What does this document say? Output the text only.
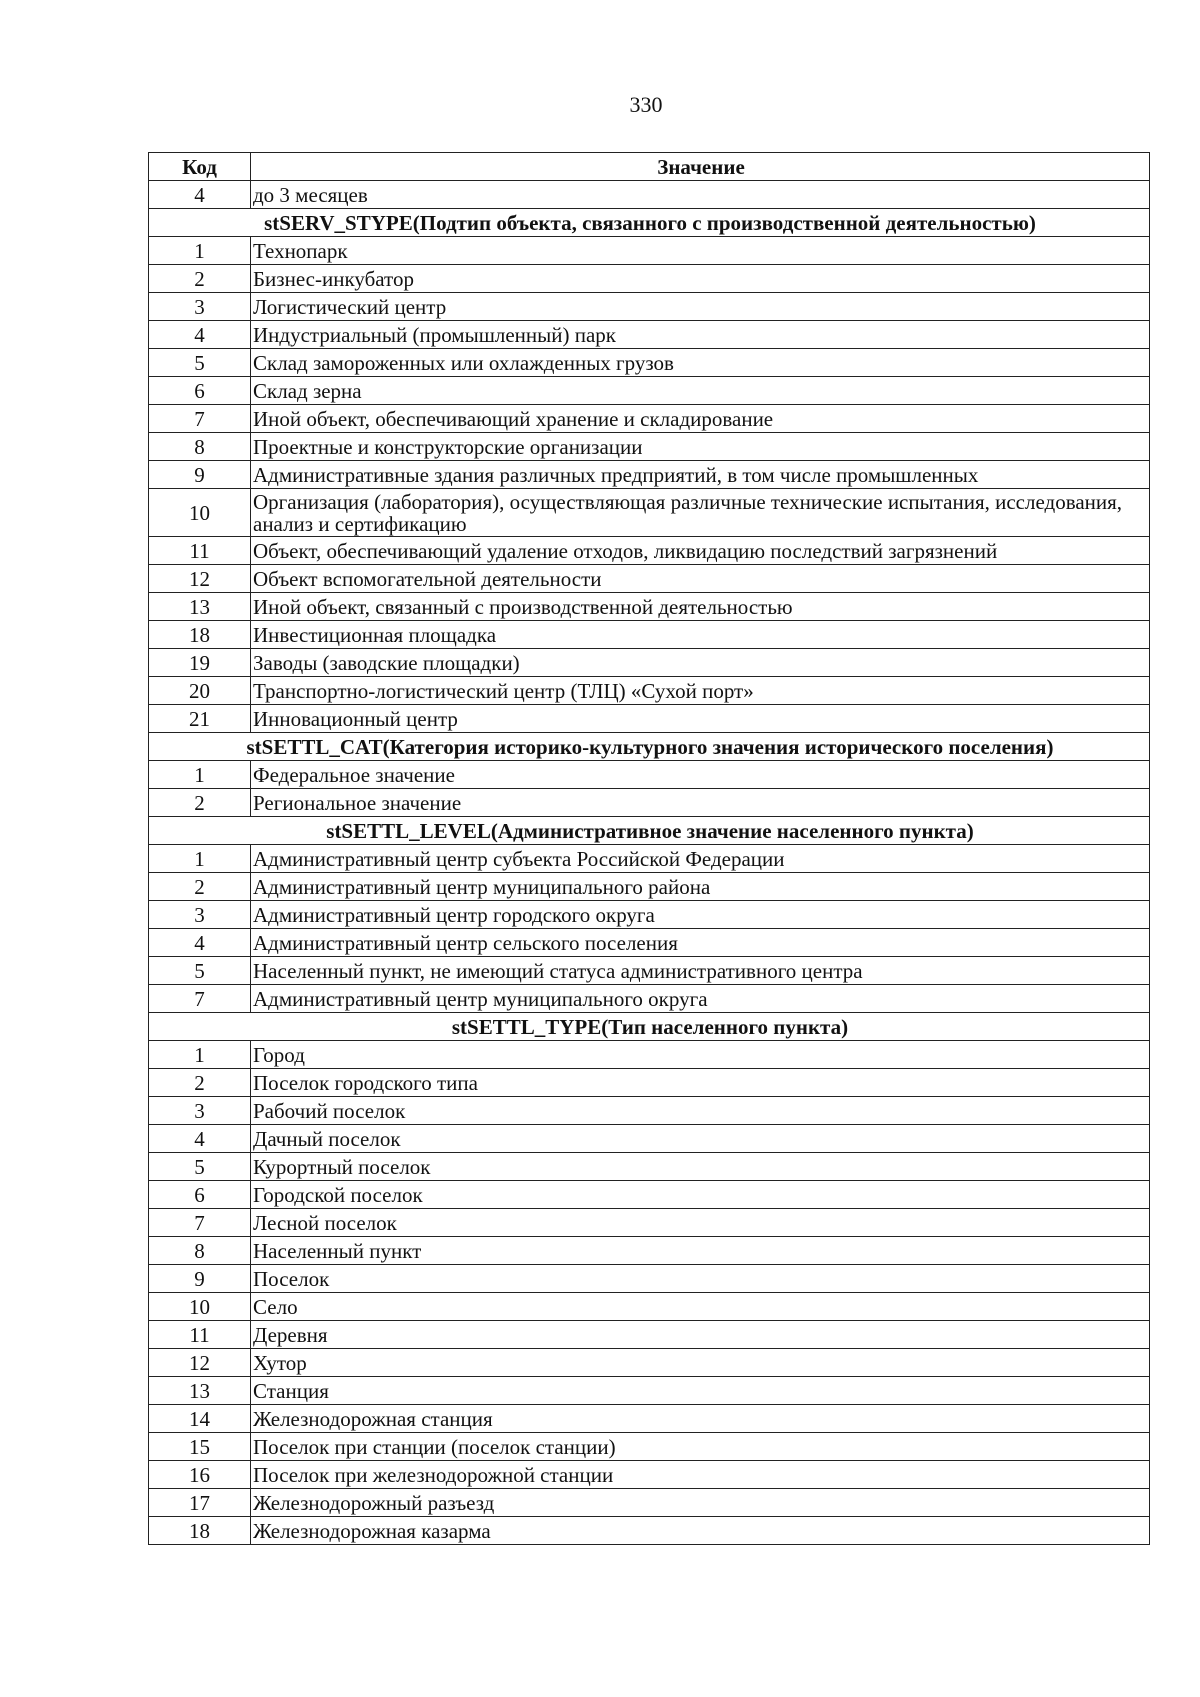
330
Код	Значение
4	до 3 месяцев
stSERV_STYPE(Подтип объекта, связанного с производственной деятельностью)	
1	Технопарк
2	Бизнес-инкубатор
3	Логистический центр
4	Индустриальный (промышленный) парк
5	Склад замороженных или охлажденных грузов
6	Склад зерна
7	Иной объект, обеспечивающий хранение и складирование
8	Проектные и конструкторские организации
9	Административные здания различных предприятий, в том числе промышленных
10	Организация (лаборатория), осуществляющая различные технические испытания, исследования, анализ и сертификацию
11	Объект, обеспечивающий удаление отходов, ликвидацию последствий загрязнений
12	Объект вспомогательной деятельности
13	Иной объект, связанный с производственной деятельностью
18	Инвестиционная площадка
19	Заводы (заводские площадки)
20	Транспортно-логистический центр (ТЛЦ) «Сухой порт»
21	Инновационный центр
stSETTL_CAT(Категория историко-культурного значения исторического поселения)	
1	Федеральное значение
2	Региональное значение
stSETTL_LEVEL(Административное значение населенного пункта)	
1	Административный центр субъекта Российской Федерации
2	Административный центр муниципального района
3	Административный центр городского округа
4	Административный центр сельского поселения
5	Населенный пункт, не имеющий статуса административного центра
7	Административный центр муниципального округа
stSETTL_TYPE(Тип населенного пункта)	
1	Город
2	Поселок городского типа
3	Рабочий поселок
4	Дачный поселок
5	Курортный поселок
6	Городской поселок
7	Лесной поселок
8	Населенный пункт
9	Поселок
10	Село
11	Деревня
12	Хутор
13	Станция
14	Железнодорожная станция
15	Поселок при станции (поселок станции)
16	Поселок при железнодорожной станции
17	Железнодорожный разъезд
18	Железнодорожная казарма
